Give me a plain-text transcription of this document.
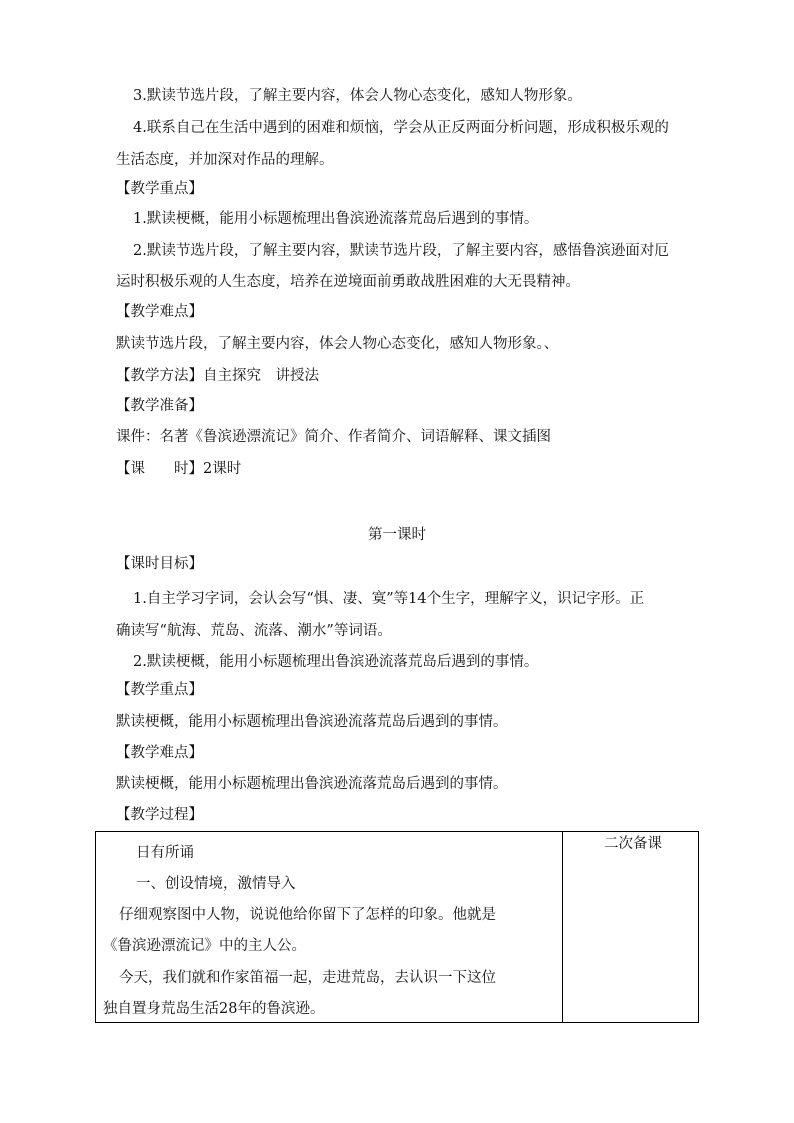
3.默读节选片段，了解主要内容，体会人物心态变化，感知人物形象。
4.联系自己在生活中遇到的困难和烦恼，学会从正反两面分析问题，形成积极乐观的
生活态度，并加深对作品的理解。
【教学重点】
1.默读梗概，能用小标题梳理出鲁滨逊流落荒岛后遇到的事情。
2.默读节选片段，了解主要内容，默读节选片段，了解主要内容，感悟鲁滨逊面对厄
运时积极乐观的人生态度，培养在逆境面前勇敢战胜困难的大无畏精神。
【教学难点】
默读节选片段，了解主要内容，体会人物心态变化，感知人物形象。、
【教学方法】自主探究　讲授法
【教学准备】
课件：名著《鲁滨逊漂流记》简介、作者简介、词语解释、课文插图
【课　　时】2课时
第一课时
【课时目标】
1.自主学习字词，会认会写“惧、凄、寞”等14个生字，理解字义，识记字形。正
确读写“航海、荒岛、流落、潮水”等词语。
2.默读梗概，能用小标题梳理出鲁滨逊流落荒岛后遇到的事情。
【教学重点】
默读梗概，能用小标题梳理出鲁滨逊流落荒岛后遇到的事情。
【教学难点】
默读梗概，能用小标题梳理出鲁滨逊流落荒岛后遇到的事情。
【教学过程】
日有所诵
一、创设情境，激情导入
仔细观察图中人物，说说他给你留下了怎样的印象。他就是
《鲁滨逊漂流记》中的主人公。
今天，我们就和作家笛福一起，走进荒岛，去认识一下这位
独自置身荒岛生活28年的鲁滨逊。
二次备课
